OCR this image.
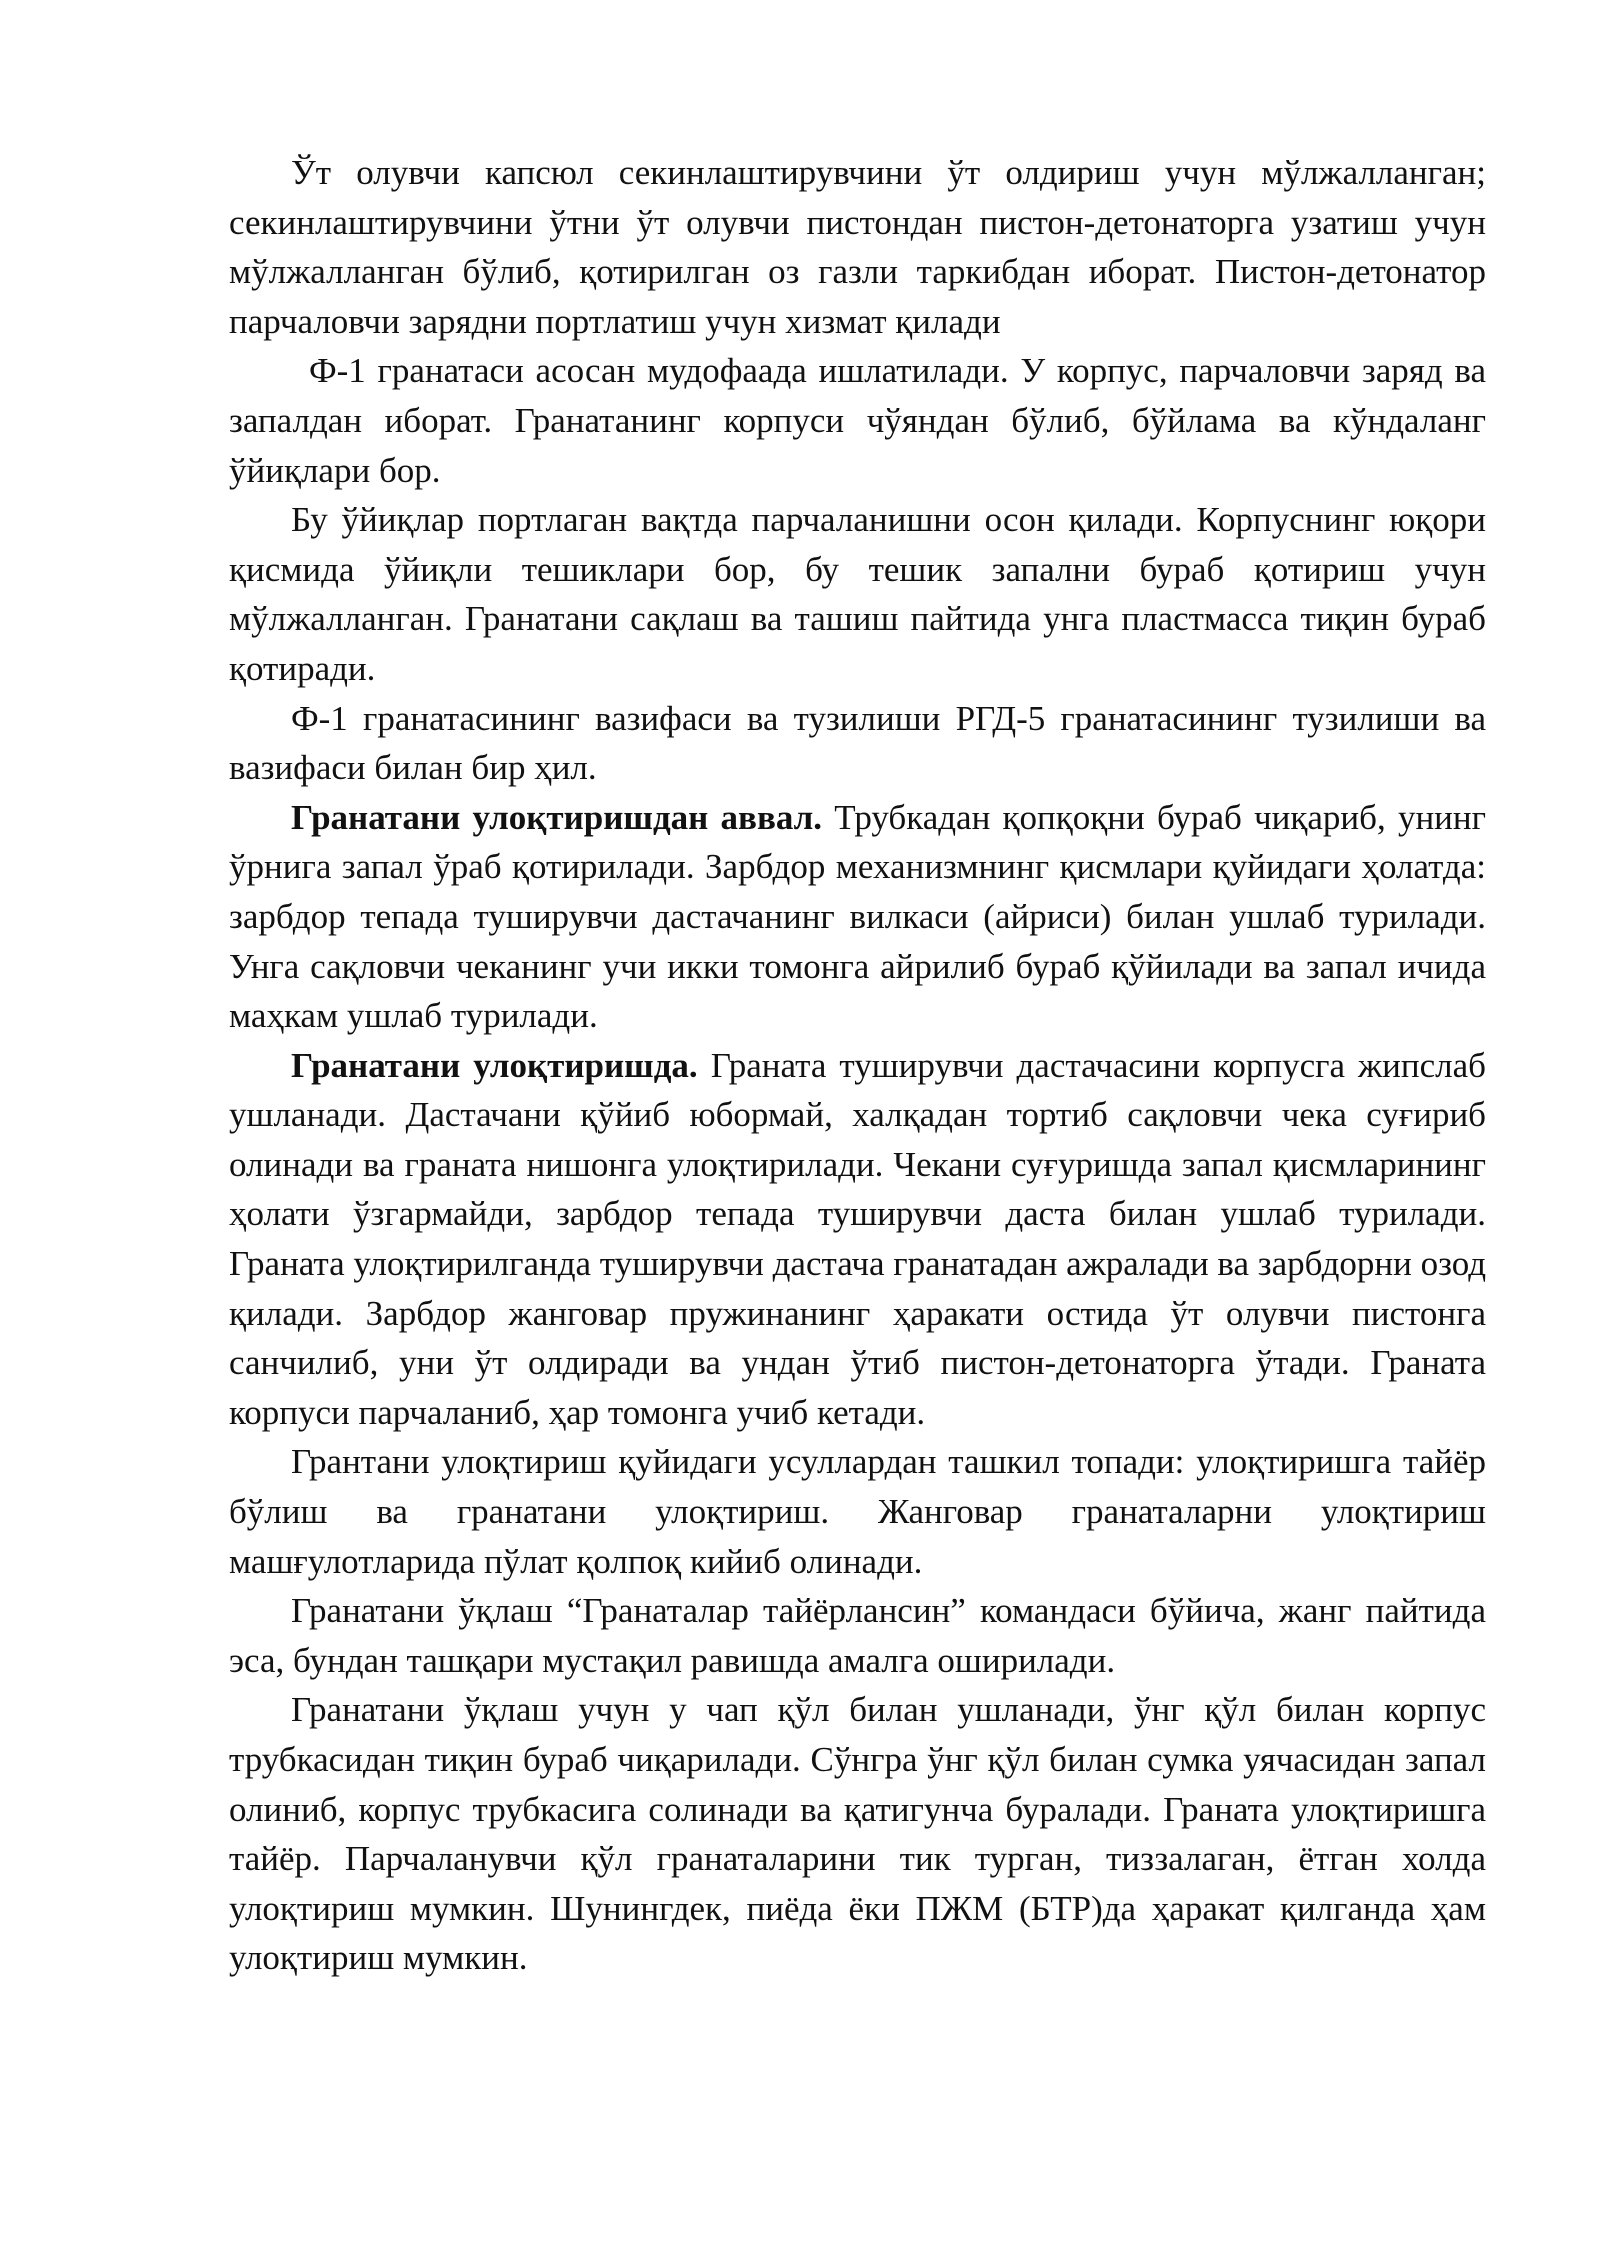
Ўт олувчи капсюл секинлаштирувчини ўт олдириш учун мўлжалланган; секинлаштирувчини ўтни ўт олувчи пистондан пистон-детонаторга узатиш учун мўлжалланган бўлиб, қотирилган оз газли таркибдан иборат. Пистон-детонатор парчаловчи зарядни портлатиш учун хизмат қилади

Ф-1 гранатаси асосан мудофаада ишлатилади. У корпус, парчаловчи заряд ва запалдан иборат. Гранатанинг корпуси чўяндан бўлиб, бўйлама ва кўндаланг ўйиқлари бор.

Бу ўйиқлар портлаган вақтда парчаланишни осон қилади. Корпуснинг юқори қисмида ўйиқли тешиклари бор, бу тешик запални бураб қотириш учун мўлжалланган. Гранатани сақлаш ва ташиш пайтида унга пластмасса тиқин бураб қотиради.

Ф-1 гранатасининг вазифаси ва тузилиши РГД-5 гранатасининг тузилиши ва вазифаси билан бир ҳил.

Гранатани улоқтиришдан аввал. Трубкадан қопқоқни бураб чиқариб, унинг ўрнига запал ўраб қотирилади. Зарбдор механизмнинг қисмлари қуйидаги ҳолатда: зарбдор тепада туширувчи дастачанинг вилкаси (айриси) билан ушлаб турилади. Унга сақловчи чеканинг учи икки томонга айрилиб бураб қўйилади ва запал ичида маҳкам ушлаб турилади.

Гранатани улоқтиришда. Граната туширувчи дастачасини корпусга жипслаб ушланади. Дастачани қўйиб юбормай, халқадан тортиб сақловчи чека суғириб олинади ва граната нишонга улоқтирилади. Чекани суғуришда запал қисмларининг ҳолати ўзгармайди, зарбдор тепада туширувчи даста билан ушлаб турилади. Граната улоқтирилганда туширувчи дастача гранатадан ажралади ва зарбдорни озод қилади. Зарбдор жанговар пружинанинг ҳаракати остида ўт олувчи пистонга санчилиб, уни ўт олдиради ва ундан ўтиб пистон-детонаторга ўтади. Граната корпуси парчаланиб, ҳар томонга учиб кетади.

Грантани улоқтириш қуйидаги усуллардан ташкил топади: улоқтиришга тайёр бўлиш ва гранатани улоқтириш. Жанговар гранаталарни улоқтириш машғулотларида пўлат қолпоқ кийиб олинади.

Гранатани ўқлаш “Гранаталар тайёрлансин” командаси бўйича, жанг пайтида эса, бундан ташқари мустақил равишда амалга оширилади.

Гранатани ўқлаш учун у чап қўл билан ушланади, ўнг қўл билан корпус трубкасидан тиқин бураб чиқарилади. Сўнгра ўнг қўл билан сумка уячасидан запал олиниб, корпус трубкасига солинади ва қатигунча буралади. Граната улоқтиришга тайёр. Парчаланувчи қўл гранаталарини тик турган, тиззалаган, ётган холда улоқтириш мумкин. Шунингдек, пиёда ёки ПЖМ (БТР)да ҳаракат қилганда ҳам улоқтириш мумкин.
